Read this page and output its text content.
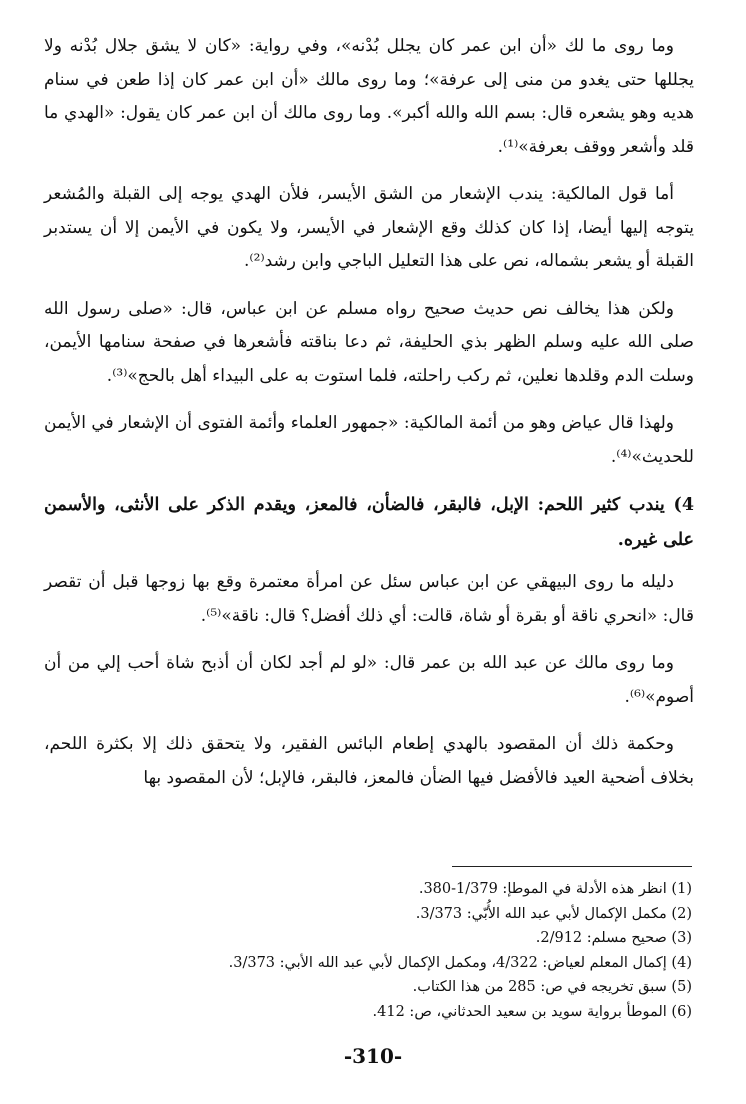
وما روى ما لك «أن ابن عمر كان يجلل بُدْنه»، وفي رواية: «كان لا يشق جلال بُدْنه ولا يجللها حتى يغدو من منى إلى عرفة»؛ وما روى مالك «أن ابن عمر كان إذا طعن في سنام هديه وهو يشعره قال: بسم الله والله أكبر». وما روى مالك أن ابن عمر كان يقول: «الهدي ما قلد وأشعر ووقف بعرفة»⁽¹⁾.

أما قول المالكية: يندب الإشعار من الشق الأيسر، فلأن الهدي يوجه إلى القبلة والمُشعر يتوجه إليها أيضا، إذا كان كذلك وقع الإشعار في الأيسر، ولا يكون في الأيمن إلا أن يستدبر القبلة أو يشعر بشماله، نص على هذا التعليل الباجي وابن رشد⁽²⁾.

ولكن هذا يخالف نص حديث صحيح رواه مسلم عن ابن عباس، قال: «صلى رسول الله صلى الله عليه وسلم الظهر بذي الحليفة، ثم دعا بناقته فأشعرها في صفحة سنامها الأيمن، وسلت الدم وقلدها نعلين، ثم ركب راحلته، فلما استوت به على البيداء أهل بالحج»⁽³⁾.

ولهذا قال عياض وهو من أئمة المالكية: «جمهور العلماء وأئمة الفتوى أن الإشعار في الأيمن للحديث»⁽⁴⁾.

4) يندب كثير اللحم: الإبل، فالبقر، فالضأن، فالمعز، ويقدم الذكر على الأنثى، والأسمن على غيره.

دليله ما روى البيهقي عن ابن عباس سئل عن امرأة معتمرة وقع بها زوجها قبل أن تقصر قال: «انحري ناقة أو بقرة أو شاة، قالت: أي ذلك أفضل؟ قال: ناقة»⁽⁵⁾.

وما روى مالك عن عبد الله بن عمر قال: «لو لم أجد لكان أن أذبح شاة أحب إلي من أن أصوم»⁽⁶⁾.

وحكمة ذلك أن المقصود بالهدي إطعام البائس الفقير، ولا يتحقق ذلك إلا بكثرة اللحم، بخلاف أضحية العيد فالأفضل فيها الضأن فالمعز، فالبقر، فالإبل؛ لأن المقصود بها

(1) انظر هذه الأدلة في الموطإ: 1/379-380.
(2) مكمل الإكمال لأبي عبد الله الأُبّي: 3/373.
(3) صحيح مسلم: 2/912.
(4) إكمال المعلم لعياض: 4/322، ومكمل الإكمال لأبي عبد الله الأبي: 3/373.
(5) سبق تخريجه في ص: 285 من هذا الكتاب.
(6) الموطأ برواية سويد بن سعيد الحدثاني، ص: 412.
-310-
